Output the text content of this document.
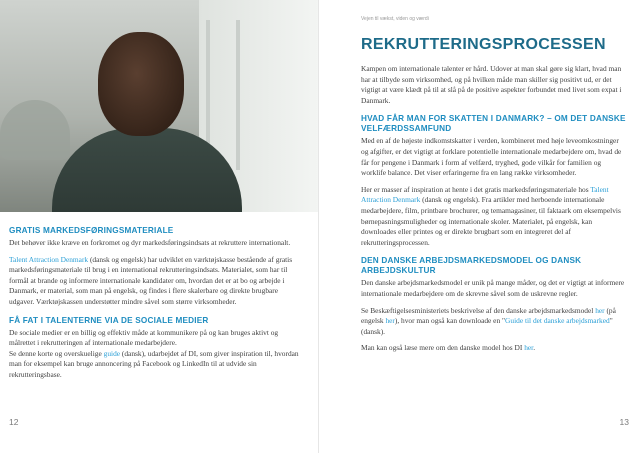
GRATIS MARKEDSFØRINGSMATERIALE

Det behøver ikke kræve en forkromet og dyr markedsføringsindsats at rekruttere internationalt.

Talent Attraction Denmark (dansk og engelsk) har udviklet en værktøjskasse bestående af gratis markedsføringsmateriale til brug i en international rekrutteringsindsats. Materialet, som har til formål at brande og informere internationale kandidater om, hvordan det er at bo og arbejde i Danmark, er material, som man på engelsk, og findes i flere skalerbare og direkte brugbare udgaver. Værktøjskassen understøtter mindre såvel som større virksomheder.

FÅ FAT I TALENTERNE VIA DE SOCIALE MEDIER

De sociale medier er en billig og effektiv måde at kommunikere på og kan bruges aktivt og målrettet i rekrutteringen af internationale medarbejdere.

Se denne korte og overskuelige guide (dansk), udarbejdet af DI, som giver inspiration til, hvordan man for eksempel kan bruge annoncering på Facebook og LinkedIn til at udvide sin rekrutteringsbase.

12
Vejen til vækst, viden og værdi
REKRUTTERINGSPROCESSEN

Kampen om internationale talenter er hård. Udover at man skal gøre sig klart, hvad man har at tilbyde som virksomhed, og på hvilken måde man skiller sig positivt ud, er det vigtigt at være klædt på til at slå på de positive aspekter forbundet med livet som expat i Danmark.

HVAD FÅR MAN FOR SKATTEN I DANMARK? – OM DET DANSKE VELFÆRDSSAMFUND

Med en af de højeste indkomstskatter i verden, kombineret med høje leveomkostninger og afgifter, er det vigtigt at forklare potentielle internationale medarbejdere om, hvad de får for pengene i Danmark i form af velfærd, tryghed, gode vilkår for familien og worklife balance. Det viser erfaringerne fra en lang række virksomheder.

Her er masser af inspiration at hente i det gratis markedsføringsmateriale hos Talent Attraction Denmark (dansk og engelsk). Fra artikler med herboende internationale medarbejdere, film, printbare brochurer, og temamagasiner, til faktaark om eksempelvis børnepasningsmuligheder og internationale skoler. Materialet, på engelsk, kan downloades eller printes og er direkte brugbart som en integreret del af rekrutteringsprocessen.

DEN DANSKE ARBEJDSMARKEDSMODEL OG DANSK ARBEJDSKULTUR

Den danske arbejdsmarkedsmodel er unik på mange måder, og det er vigtigt at informere internationale medarbejdere om de skrevne såvel som de uskrevne regler.

Se Beskæftigelsesministeriets beskrivelse af den danske arbejdsmarkedsmodel her (på engelsk her), hvor man også kan downloade en "Guide til det danske arbejdsmarked" (dansk).

Man kan også læse mere om den danske model hos DI her.

13
